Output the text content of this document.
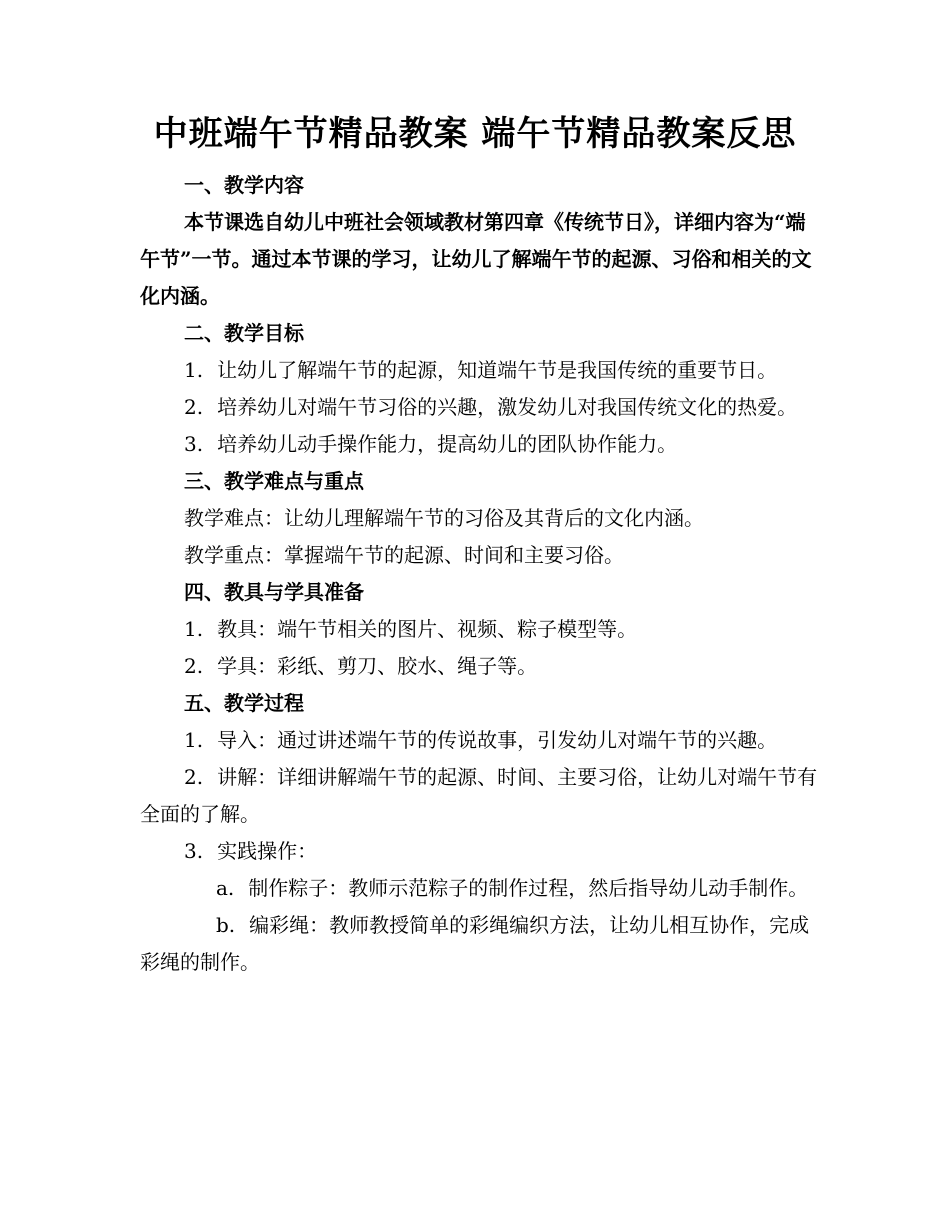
中班端午节精品教案 端午节精品教案反思

一、教学内容

本节课选自幼儿中班社会领域教材第四章《传统节日》，详细内容为“端午节”一节。通过本节课的学习，让幼儿了解端午节的起源、习俗和相关的文化内涵。

二、教学目标

1. 让幼儿了解端午节的起源，知道端午节是我国传统的重要节日。

2. 培养幼儿对端午节习俗的兴趣，激发幼儿对我国传统文化的热爱。

3. 培养幼儿动手操作能力，提高幼儿的团队协作能力。

三、教学难点与重点

教学难点：让幼儿理解端午节的习俗及其背后的文化内涵。

教学重点：掌握端午节的起源、时间和主要习俗。

四、教具与学具准备

1. 教具：端午节相关的图片、视频、粽子模型等。

2. 学具：彩纸、剪刀、胶水、绳子等。

五、教学过程

1. 导入：通过讲述端午节的传说故事，引发幼儿对端午节的兴趣。

2. 讲解：详细讲解端午节的起源、时间、主要习俗，让幼儿对端午节有全面的了解。

3. 实践操作：

a. 制作粽子：教师示范粽子的制作过程，然后指导幼儿动手制作。

b. 编彩绳：教师教授简单的彩绳编织方法，让幼儿相互协作，完成彩绳的制作。
